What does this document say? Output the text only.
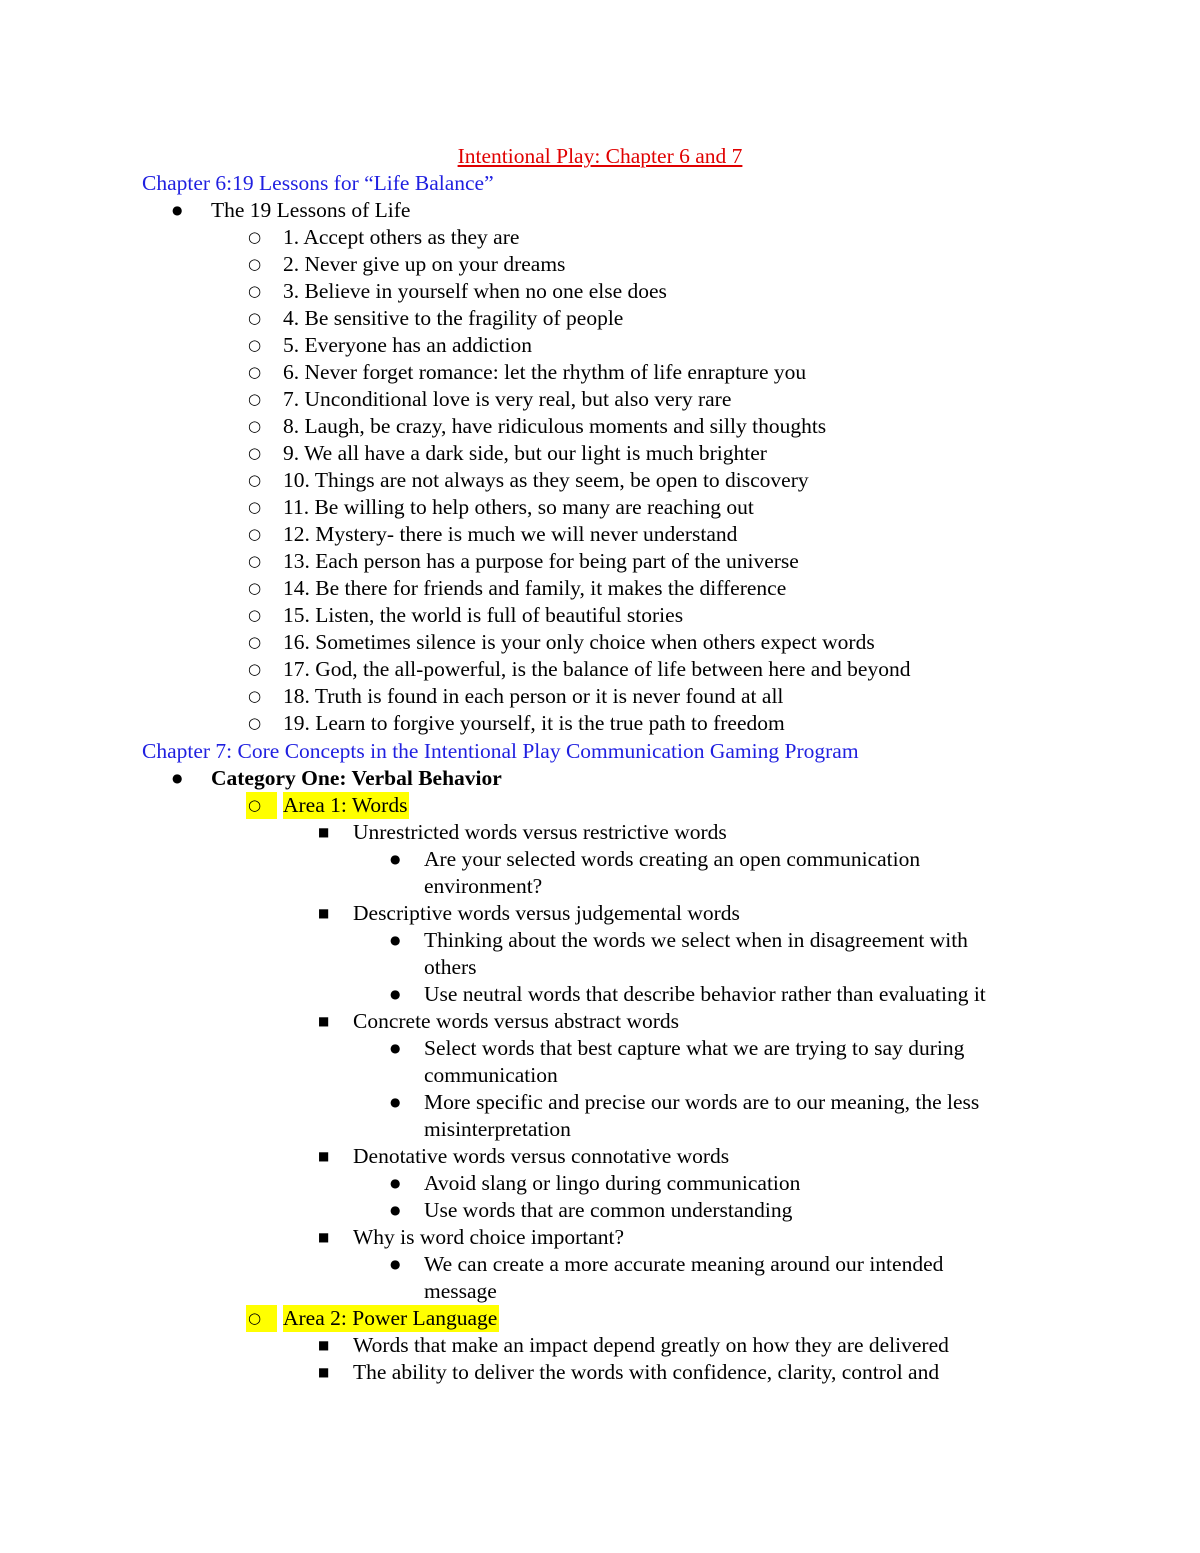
Intentional Play: Chapter 6 and 7
Chapter 6:19 Lessons for “Life Balance”
● The 19 Lessons of Life
○ 1. Accept others as they are
○ 2. Never give up on your dreams
○ 3. Believe in yourself when no one else does
○ 4. Be sensitive to the fragility of people
○ 5. Everyone has an addiction
○ 6. Never forget romance: let the rhythm of life enrapture you
○ 7. Unconditional love is very real, but also very rare
○ 8. Laugh, be crazy, have ridiculous moments and silly thoughts
○ 9. We all have a dark side, but our light is much brighter
○ 10. Things are not always as they seem, be open to discovery
○ 11. Be willing to help others, so many are reaching out
○ 12. Mystery- there is much we will never understand
○ 13. Each person has a purpose for being part of the universe
○ 14. Be there for friends and family, it makes the difference
○ 15. Listen, the world is full of beautiful stories
○ 16. Sometimes silence is your only choice when others expect words
○ 17. God, the all-powerful, is the balance of life between here and beyond
○ 18. Truth is found in each person or it is never found at all
○ 19. Learn to forgive yourself, it is the true path to freedom
Chapter 7: Core Concepts in the Intentional Play Communication Gaming Program
● Category One: Verbal Behavior
○	Area 1: Words
■ Unrestricted words versus restrictive words
● Are your selected words creating an open communication
environment?
■ Descriptive words versus judgemental words
● Thinking about the words we select when in disagreement with
others
● Use neutral words that describe behavior rather than evaluating it
■ Concrete words versus abstract words
● Select words that best capture what we are trying to say during
communication
● More specific and precise our words are to our meaning, the less
misinterpretation
■ Denotative words versus connotative words
● Avoid slang or lingo during communication
● Use words that are common understanding
■ Why is word choice important?
● We can create a more accurate meaning around our intended
message
○	Area 2: Power Language
■ Words that make an impact depend greatly on how they are delivered
■ The ability to deliver the words with confidence, clarity, control and
